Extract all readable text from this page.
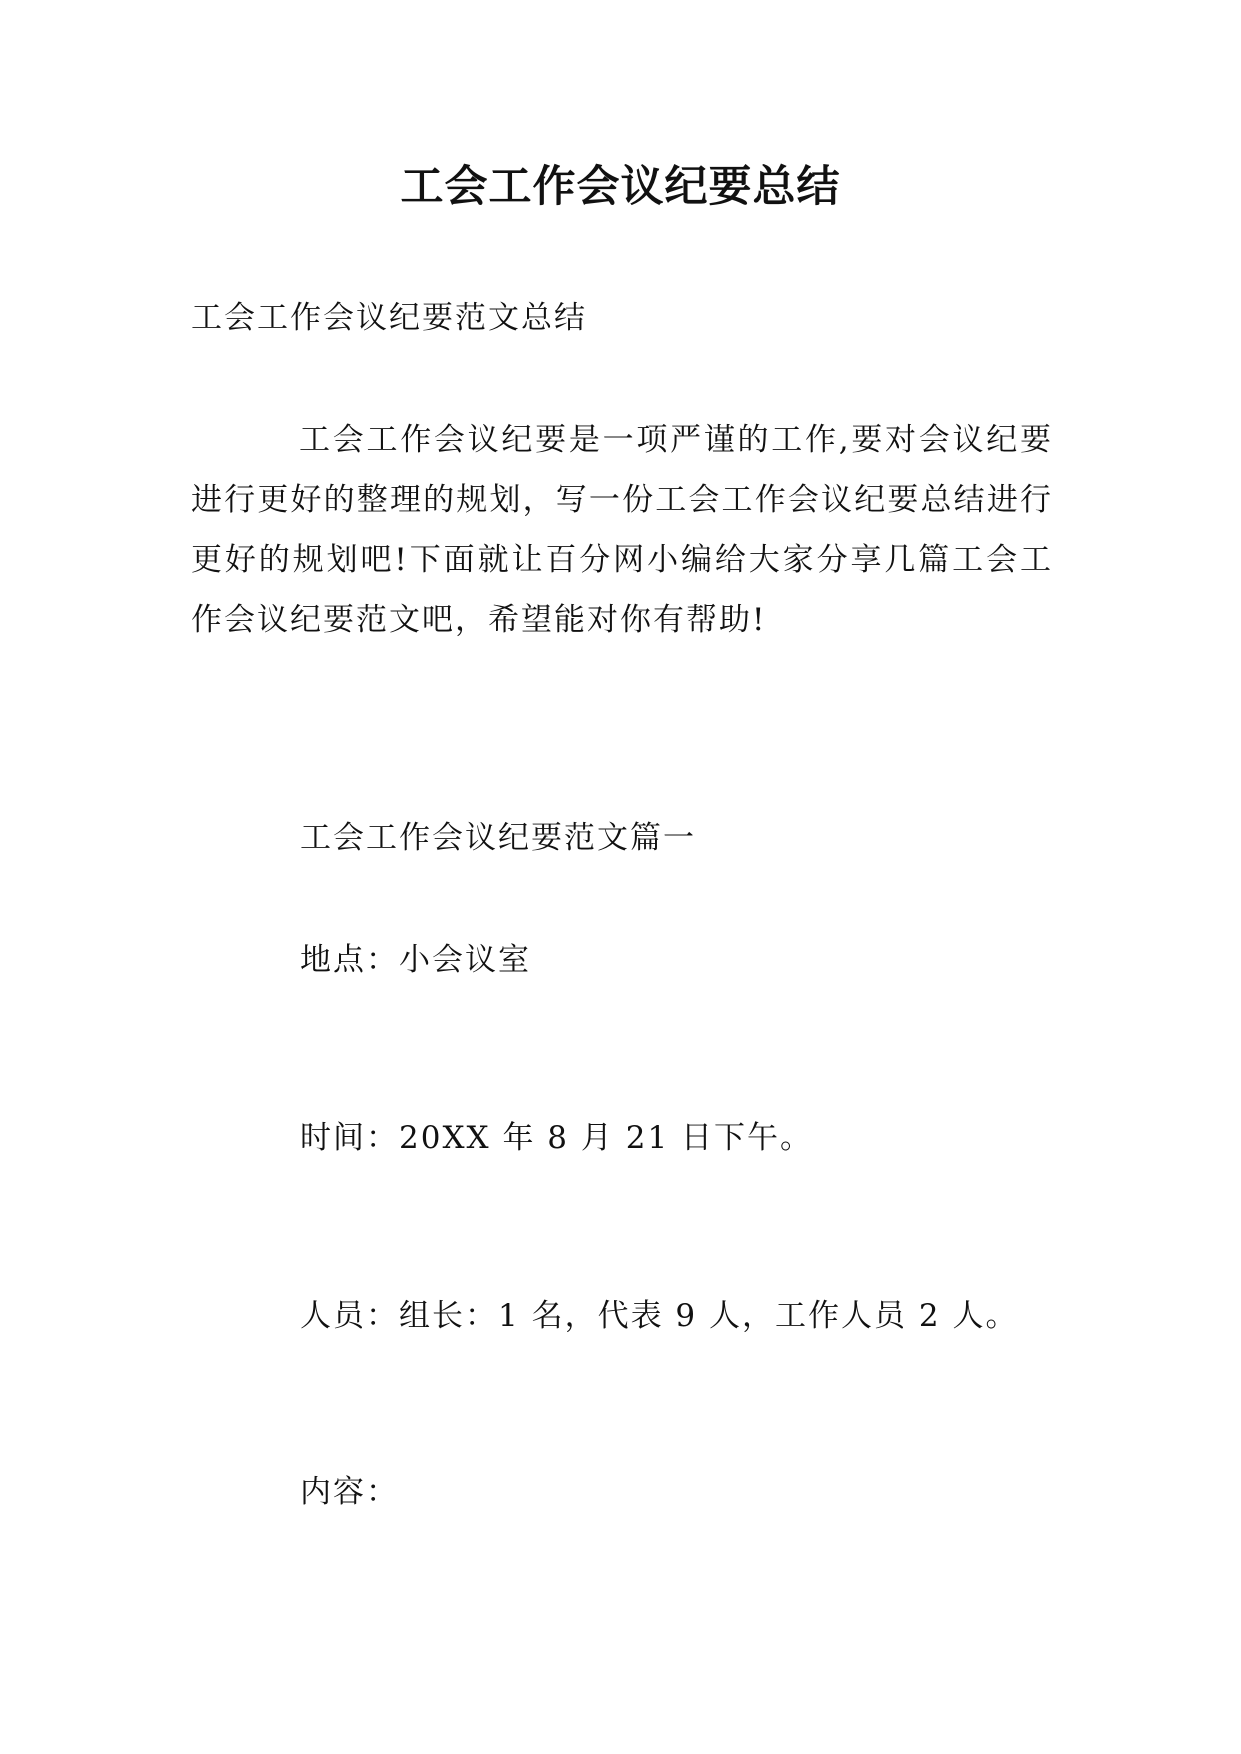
工会工作会议纪要总结

工会工作会议纪要范文总结

工会工作会议纪要是一项严谨的工作,要对会议纪要进行更好的整理的规划，写一份工会工作会议纪要总结进行更好的规划吧!下面就让百分网小编给大家分享几篇工会工作会议纪要范文吧，希望能对你有帮助!

工会工作会议纪要范文篇一

地点：小会议室

时间：20XX 年 8 月 21 日下午。

人员：组长：1 名，代表 9 人，工作人员 2 人。

内容：
